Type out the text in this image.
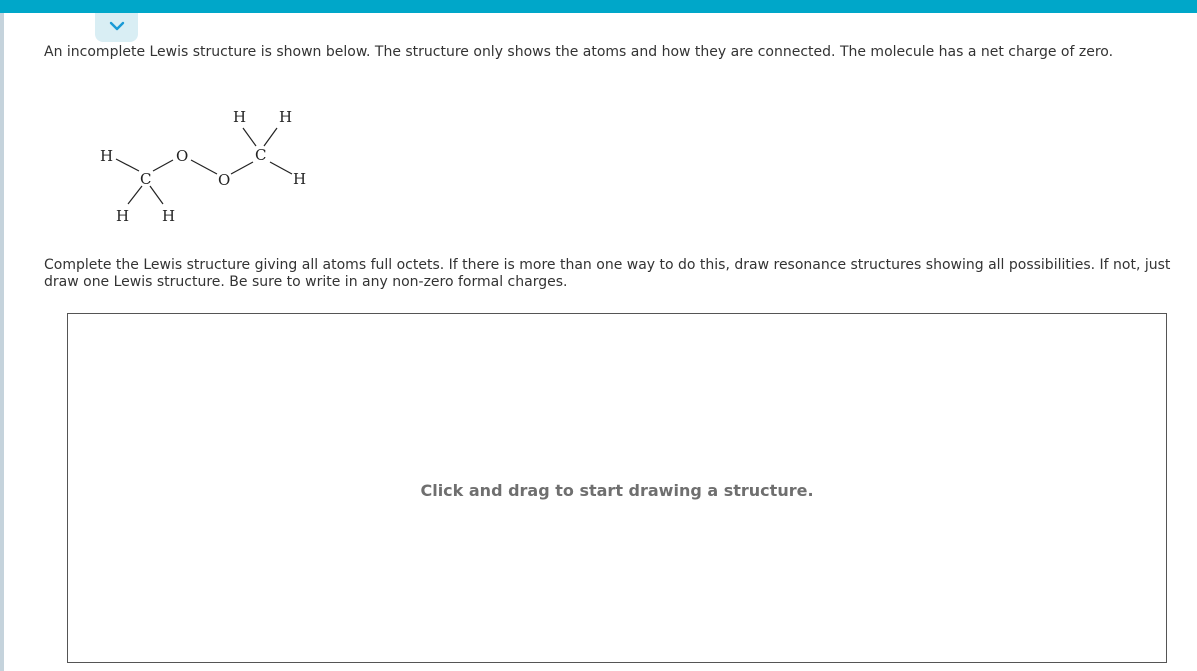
An incomplete Lewis structure is shown below. The structure only shows the atoms and how they are connected. The molecule has a net charge of zero.
H
C
O
O
C
H
H H
H H
Complete the Lewis structure giving all atoms full octets. If there is more than one way to do this, draw resonance structures showing all possibilities. If not, just draw one Lewis structure. Be sure to write in any non-zero formal charges.
Click and drag to start drawing a structure.
